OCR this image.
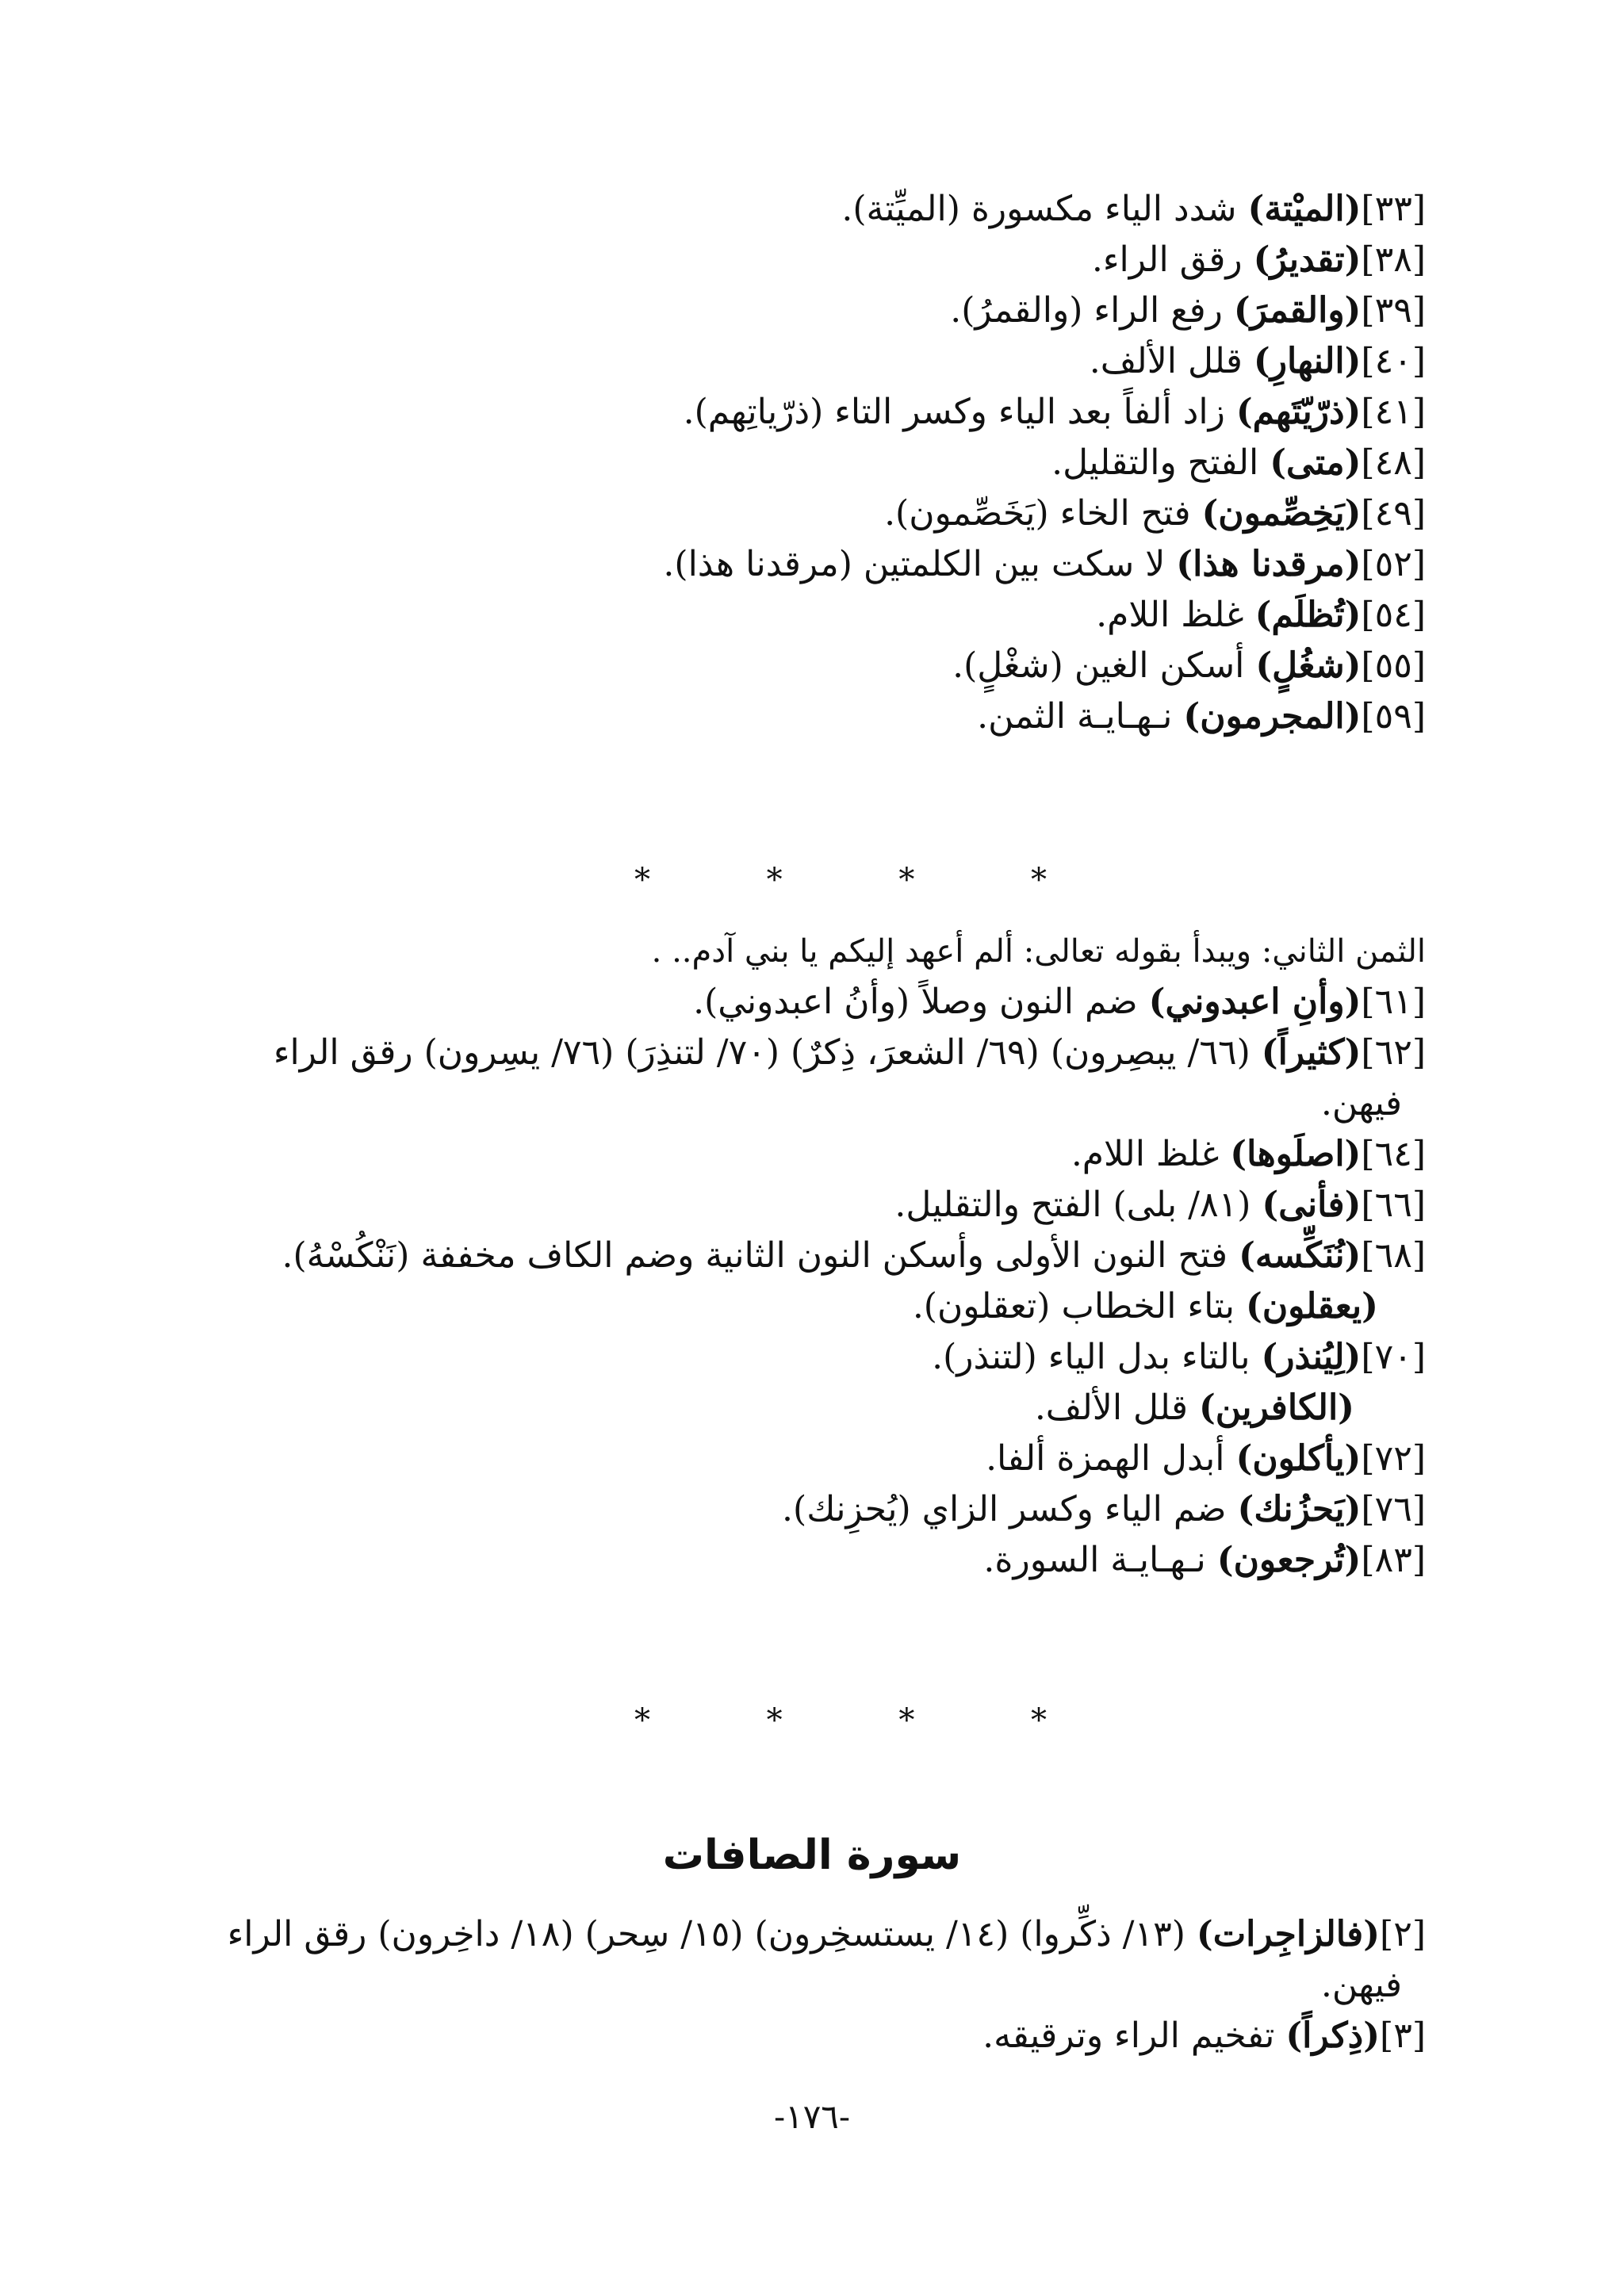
[٣٣](الميْتة) شدد الياء مكسورة (الميِّتة).
[٣٨](تقديرُ) رقق الراء.
[٣٩](والقمرَ) رفع الراء (والقمرُ).
[٤٠](النهارِ) قلل الألف.
[٤١](ذرّيّتَهم) زاد ألفاً بعد الياء وكسر التاء (ذرّياتِهم).
[٤٨](متى) الفتح والتقليل.
[٤٩](يَخِصِّمون) فتح الخاء (يَخَصِّمون).
[٥٢](مرقدنا هذا) لا سكت بين الكلمتين (مرقدنا هذا).
[٥٤](تُظلَم) غلظ اللام.
[٥٥](شغُلٍ) أسكن الغين (شغْلٍ).
[٥٩](المجرمون) نـهـايـة الثمن.
*	*	*	*
الثمن الثاني: ويبدأ بقوله تعالى: ألم أعهد إليكم يا بني آدم.. .
[٦١](وأنِ اعبدوني) ضم النون وصلاً (وأنُ اعبدوني).
[٦٢](كثيراً) (٦٦/ يبصِرون) (٦٩/ الشعرَ، ذِكرٌ) (٧٠/ لتنذِرَ) (٧٦/ يسِرون) رقق الراء
فيهن.
[٦٤](اصلَوها) غلظ اللام.
[٦٦](فأنى) (٨١/ بلى) الفتح والتقليل.
[٦٨](نُنَكِّسه) فتح النون الأولى وأسكن النون الثانية وضم الكاف مخففة (نَنْكُسْهُ).
(يعقلون) بتاء الخطاب (تعقلون).
[٧٠](لِيُنذر) بالتاء بدل الياء (لتنذر).
(الكافرين) قلل الألف.
[٧٢](يأكلون) أبدل الهمزة ألفا.
[٧٦](يَحزُنك) ضم الياء وكسر الزاي (يُحزِنك).
[٨٣](تُرجعون) نـهـايـة السورة.
*	*	*	*
سورة الصافات
[٢](فالزاجِرات) (١٣/ ذكِّروا) (١٤/ يستسخِرون) (١٥/ سِحر) (١٨/ داخِرون) رقق الراء
فيهن.
[٣](ذِكراً) تفخيم الراء وترقيقه.
-١٧٦-
